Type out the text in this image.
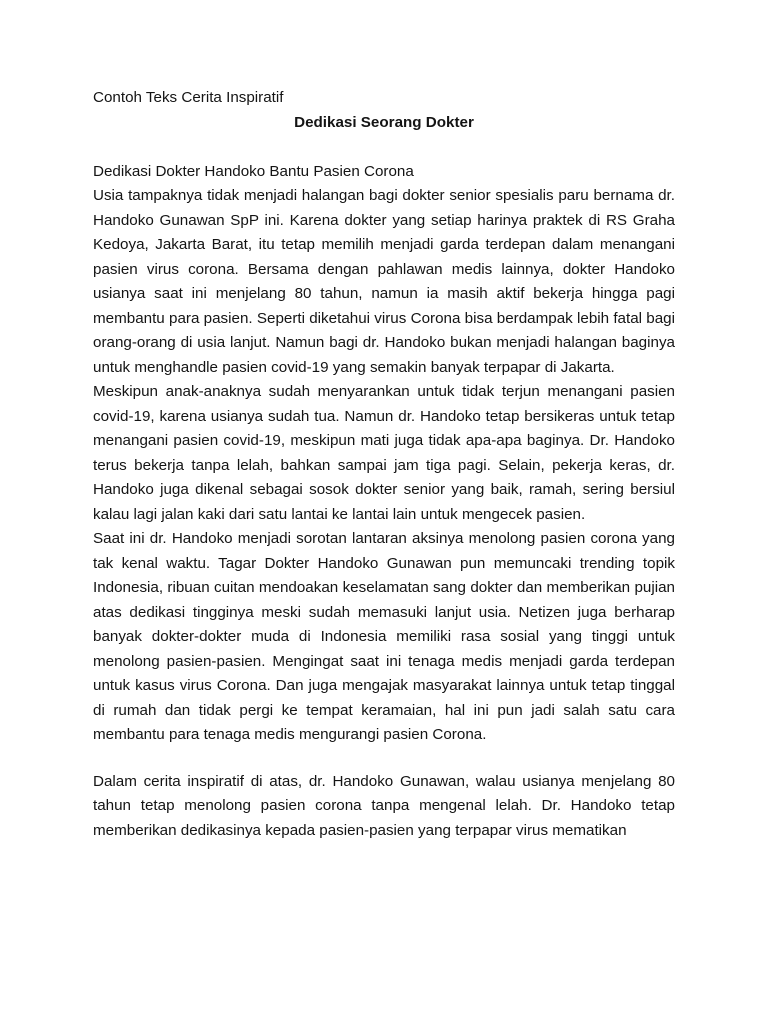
Contoh Teks Cerita Inspiratif

Dedikasi Seorang Dokter

Dedikasi Dokter Handoko Bantu Pasien Corona

Usia tampaknya tidak menjadi halangan bagi dokter senior spesialis paru bernama dr. Handoko Gunawan SpP ini. Karena dokter yang setiap harinya praktek di RS Graha Kedoya, Jakarta Barat, itu tetap memilih menjadi garda terdepan dalam menangani pasien virus corona. Bersama dengan pahlawan medis lainnya, dokter Handoko usianya saat ini menjelang 80 tahun, namun ia masih aktif bekerja hingga pagi membantu para pasien. Seperti diketahui virus Corona bisa berdampak lebih fatal bagi orang-orang di usia lanjut. Namun bagi dr. Handoko bukan menjadi halangan baginya untuk menghandle pasien covid-19 yang semakin banyak terpapar di Jakarta.

Meskipun anak-anaknya sudah menyarankan untuk tidak terjun menangani pasien covid-19, karena usianya sudah tua. Namun dr. Handoko tetap bersikeras untuk tetap menangani pasien covid-19, meskipun mati juga tidak apa-apa baginya. Dr. Handoko terus bekerja tanpa lelah, bahkan sampai jam tiga pagi. Selain, pekerja keras, dr. Handoko juga dikenal sebagai sosok dokter senior yang baik, ramah, sering bersiul kalau lagi jalan kaki dari satu lantai ke lantai lain untuk mengecek pasien.

Saat ini dr. Handoko menjadi sorotan lantaran aksinya menolong pasien corona yang tak kenal waktu. Tagar Dokter Handoko Gunawan pun memuncaki trending topik Indonesia, ribuan cuitan mendoakan keselamatan sang dokter dan memberikan pujian atas dedikasi tingginya meski sudah memasuki lanjut usia. Netizen juga berharap banyak dokter-dokter muda di Indonesia memiliki rasa sosial yang tinggi untuk menolong pasien-pasien. Mengingat saat ini tenaga medis menjadi garda terdepan untuk kasus virus Corona. Dan juga mengajak masyarakat lainnya untuk tetap tinggal di rumah dan tidak pergi ke tempat keramaian, hal ini pun jadi salah satu cara membantu para tenaga medis mengurangi pasien Corona.

Dalam cerita inspiratif di atas, dr. Handoko Gunawan, walau usianya menjelang 80 tahun tetap menolong pasien corona tanpa mengenal lelah. Dr. Handoko tetap memberikan dedikasinya kepada pasien-pasien yang terpapar virus mematikan
